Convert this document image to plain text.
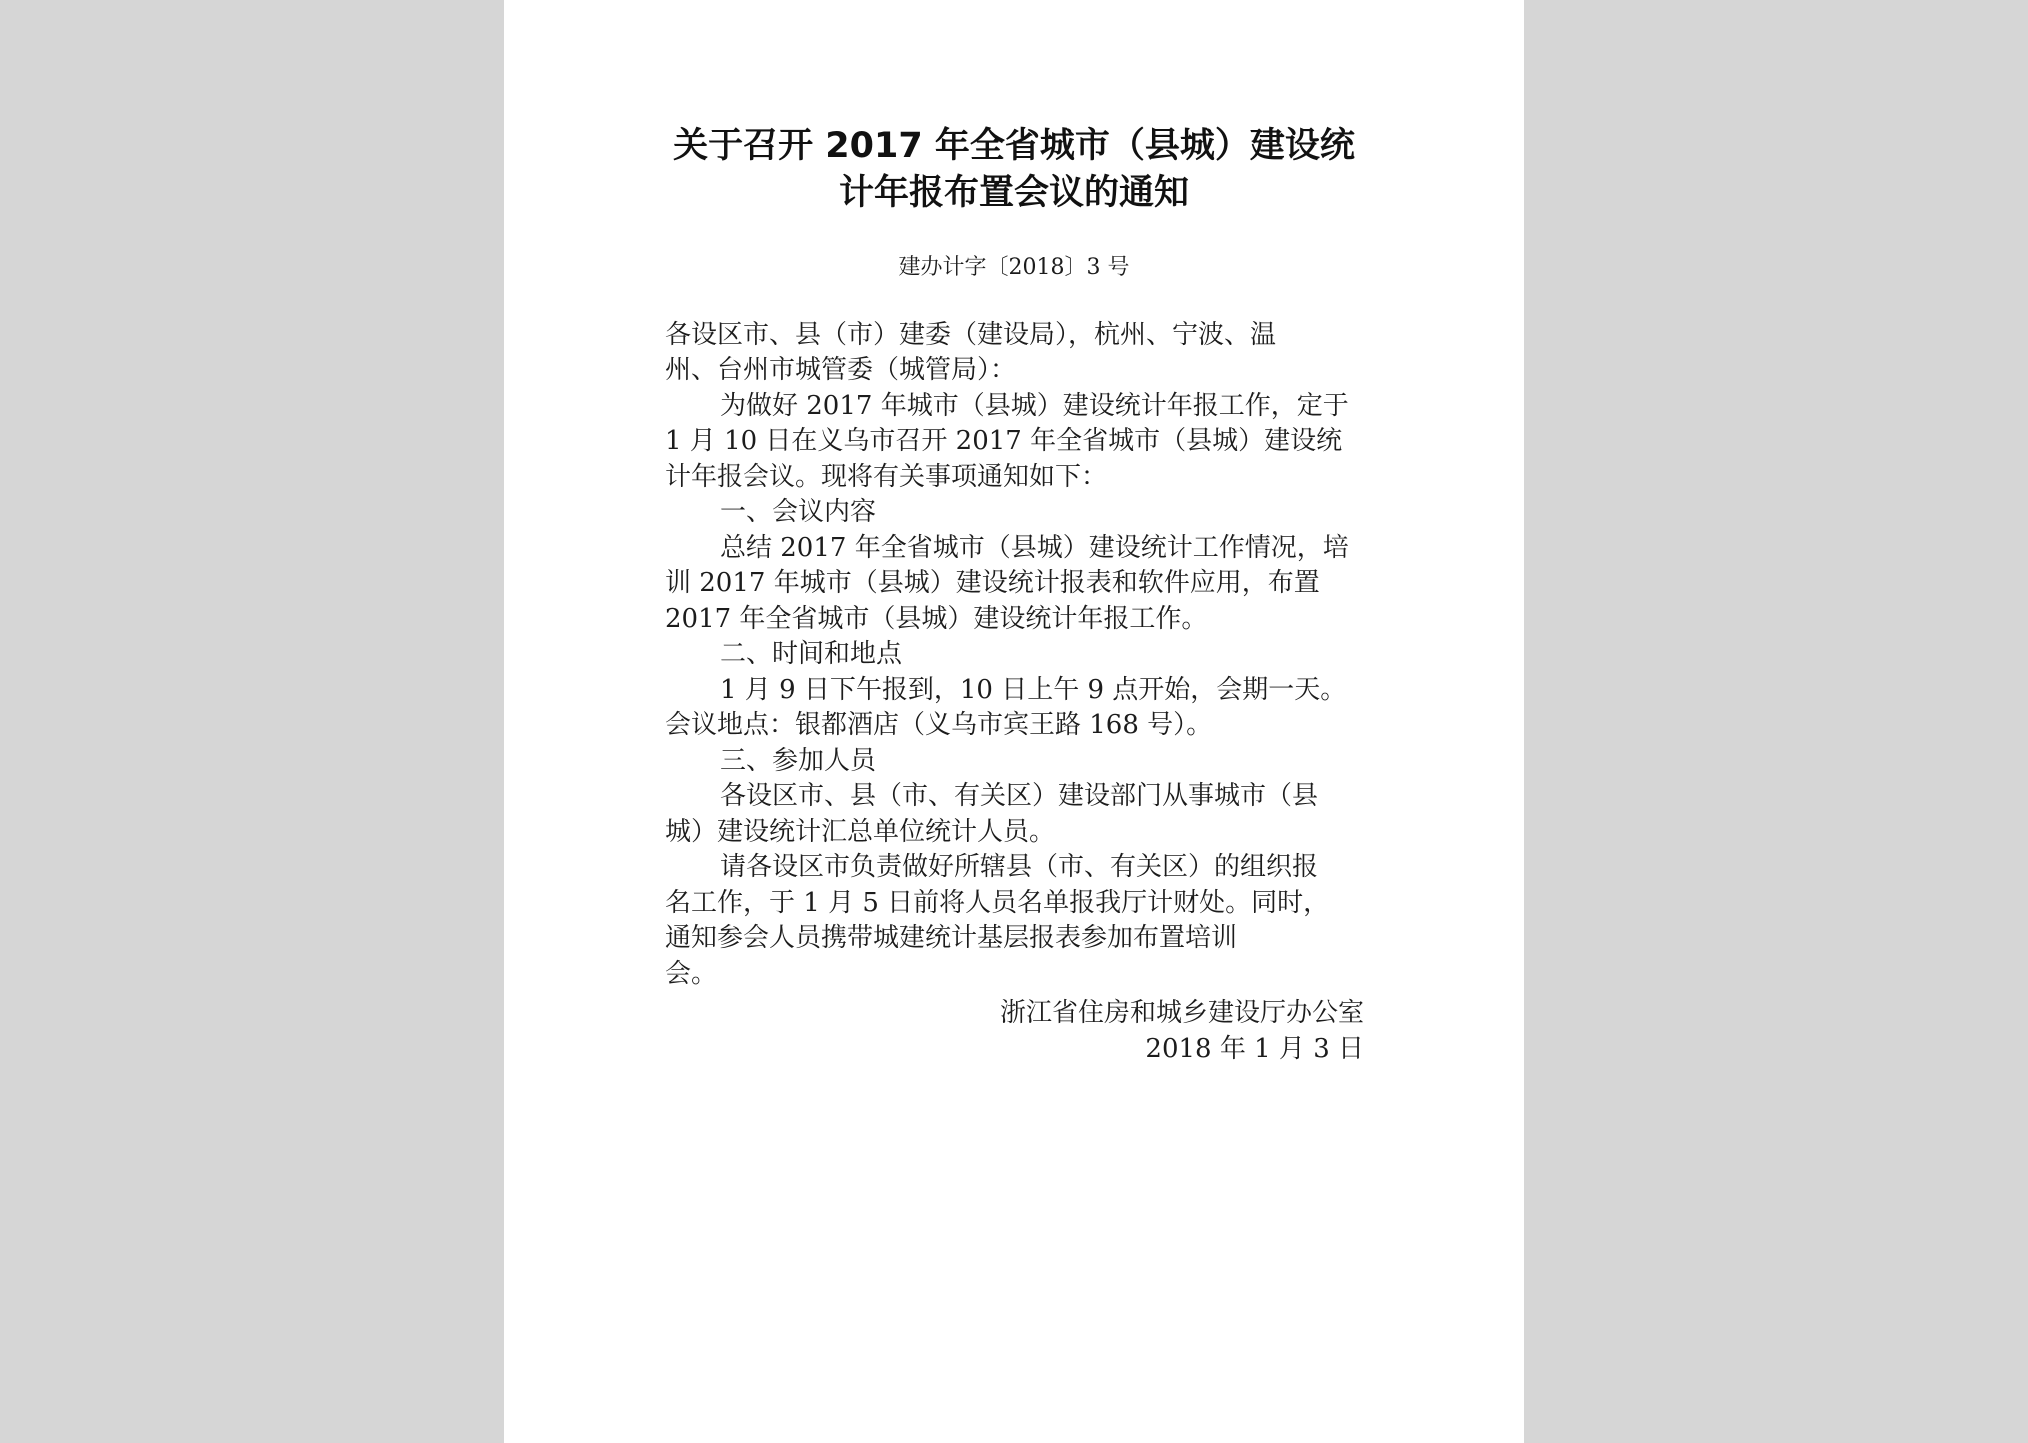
关于召开 2017 年全省城市（县城）建设统
计年报布置会议的通知
建办计字〔2018〕3 号
各设区市、县（市）建委（建设局），杭州、宁波、温
州、台州市城管委（城管局）：
为做好 2017 年城市（县城）建设统计年报工作，定于
1 月 10 日在义乌市召开 2017 年全省城市（县城）建设统
计年报会议。现将有关事项通知如下：
一、会议内容
总结 2017 年全省城市（县城）建设统计工作情况，培
训 2017 年城市（县城）建设统计报表和软件应用，布置
2017 年全省城市（县城）建设统计年报工作。
二、时间和地点
1 月 9 日下午报到，10 日上午 9 点开始，会期一天。
会议地点：银都酒店（义乌市宾王路 168 号）。
三、参加人员
各设区市、县（市、有关区）建设部门从事城市（县
城）建设统计汇总单位统计人员。
请各设区市负责做好所辖县（市、有关区）的组织报
名工作，于 1 月 5 日前将人员名单报我厅计财处。同时，
通知参会人员携带城建统计基层报表参加布置培训
会。
浙江省住房和城乡建设厅办公室
2018 年 1 月 3 日
